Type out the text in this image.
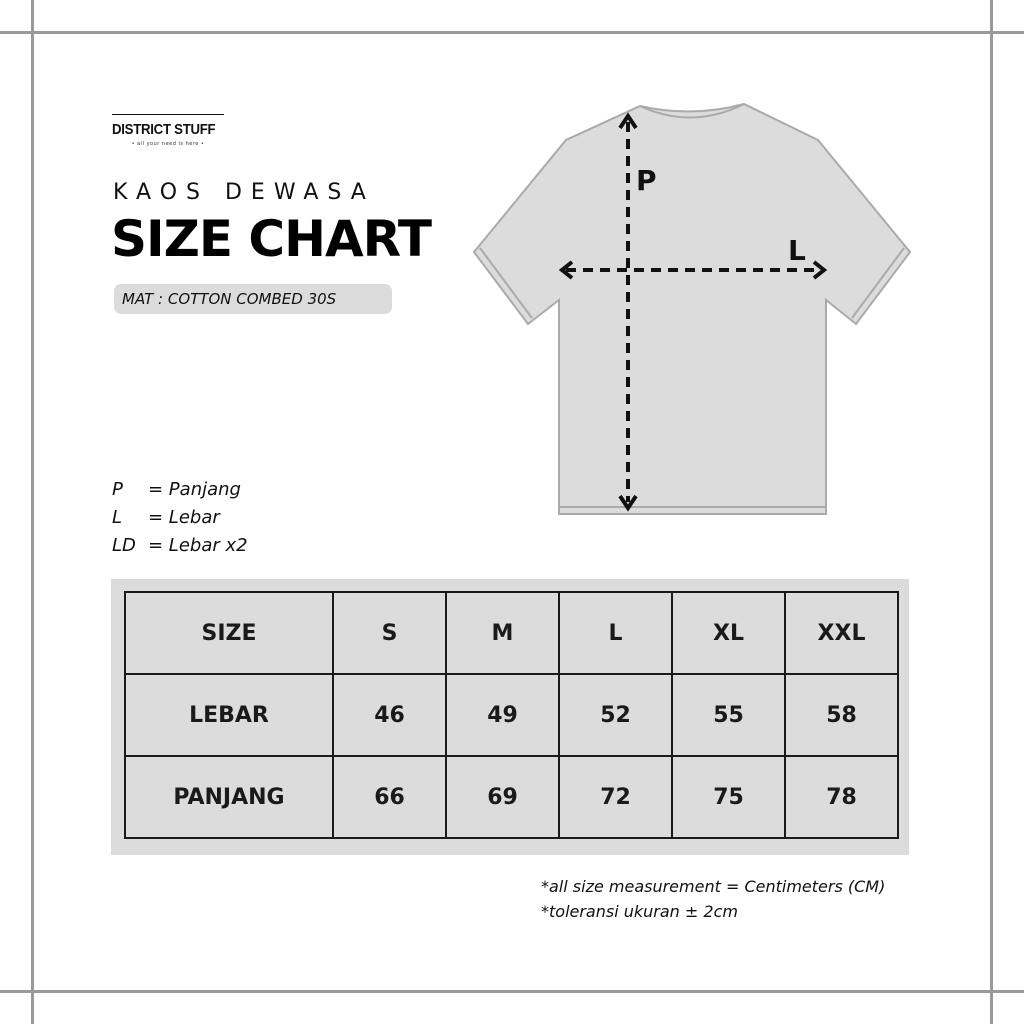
DISTRICT STUFF
• all your need is here •
KAOS DEWASA
SIZE CHART
MAT : COTTON COMBED 30S
P
L
P	= Panjang
L	= Lebar
LD = Lebar x2
SIZE	S	M	L	XL	XXL
LEBAR	46	49	52	55	58
PANJANG	66	69	72	75	78
*all size measurement = Centimeters (CM)
*toleransi ukuran ± 2cm
